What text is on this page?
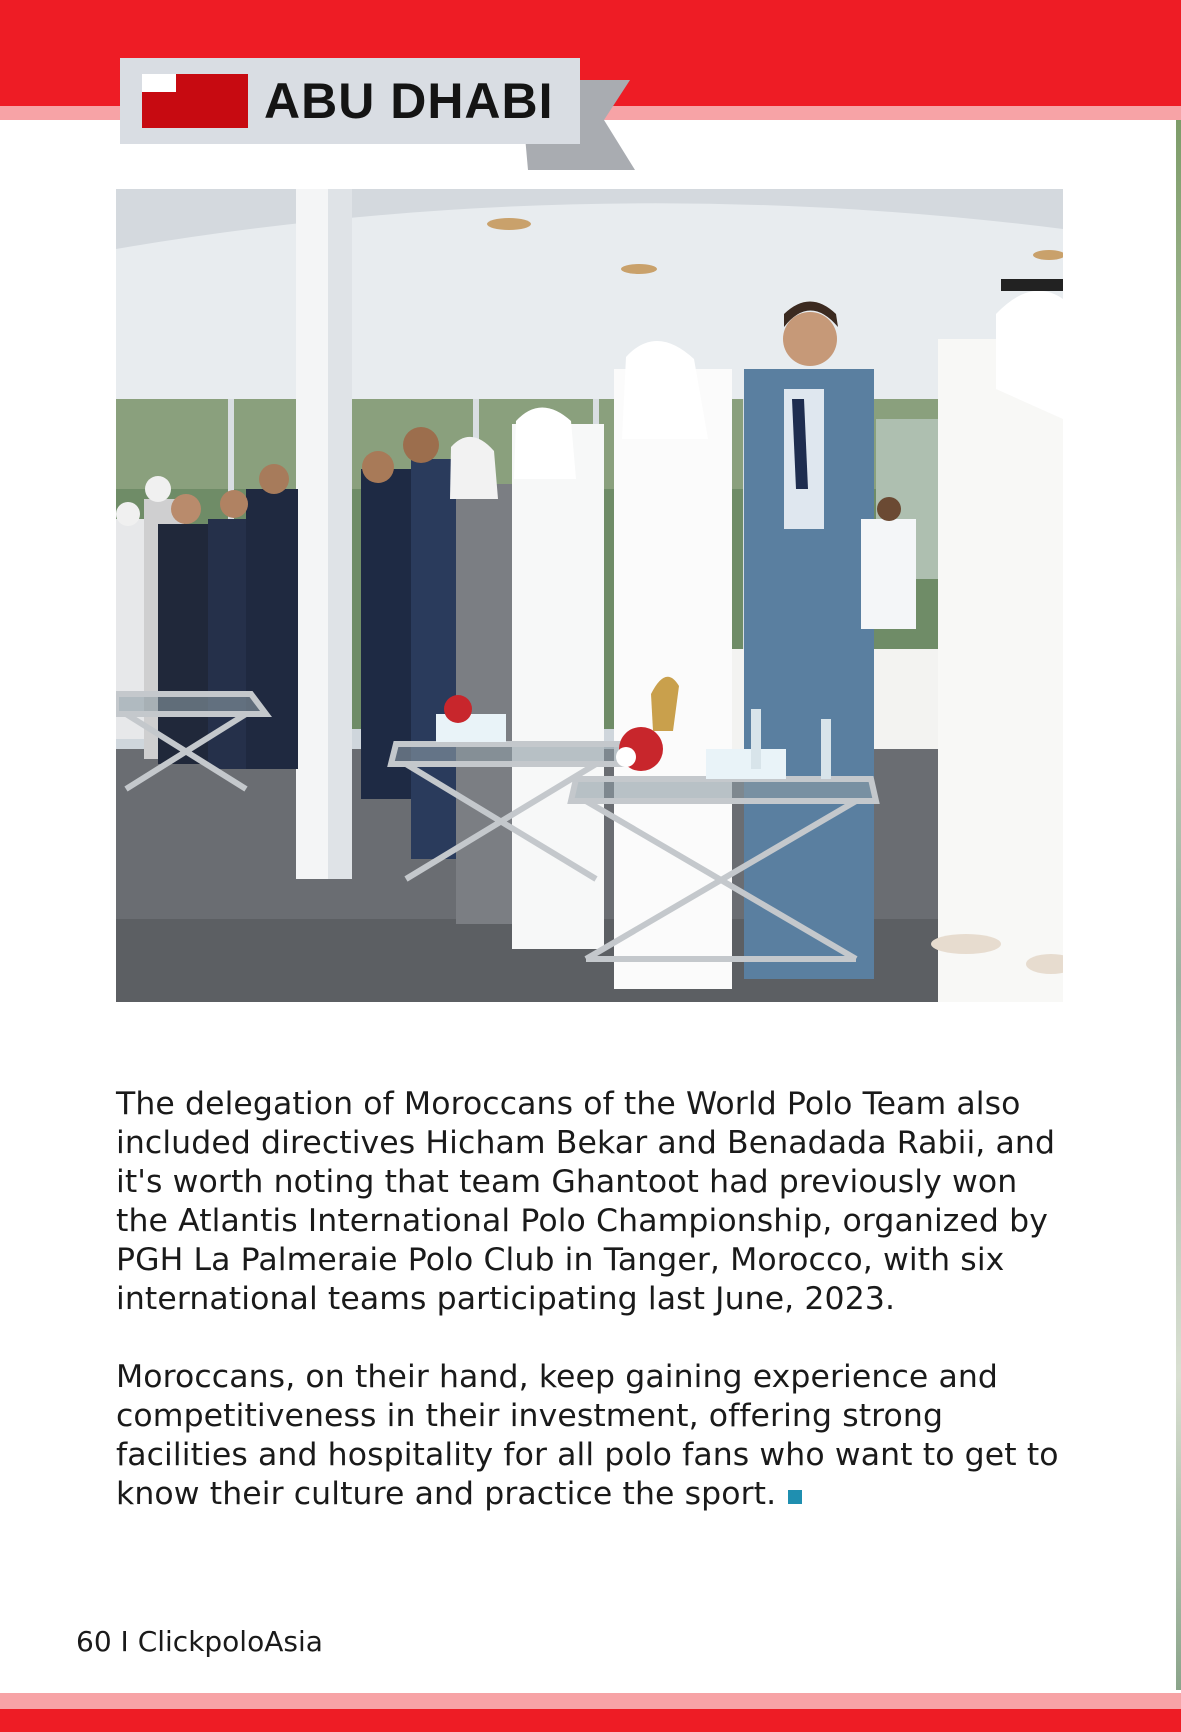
ABU DHABI

The delegation of Moroccans of the World Polo Team also included directives Hicham Bekar and Benadada Rabii, and it's worth noting that team Ghantoot had previously won the Atlantis International Polo Championship, organized by PGH La Palmeraie Polo Club in Tanger, Morocco, with six international teams participating last June, 2023.

Moroccans, on their hand, keep gaining experience and competitiveness in their investment, offering strong facilities and hospitality for all polo fans who want to get to know their culture and practice the sport.

60 I ClickpoloAsia
